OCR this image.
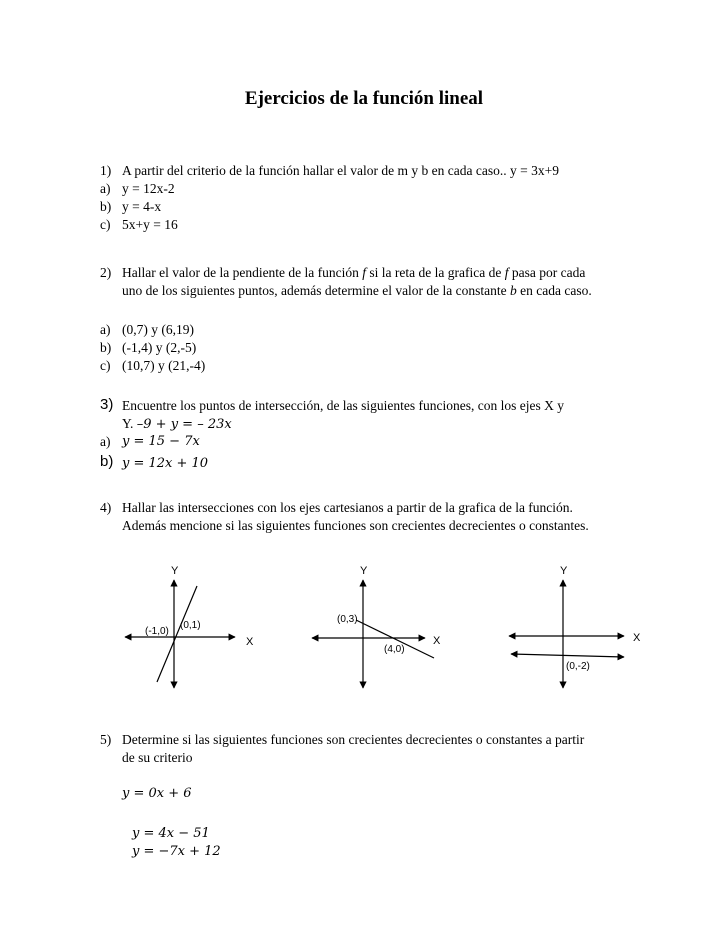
Ejercicios de la función lineal
1) A partir del criterio de la función hallar el valor de m y b en cada caso.. y = 3x+9
a) y = 12x-2
b) y = 4-x
c) 5x+y = 16
2) Hallar el valor de la pendiente de la función f si la reta de la grafica de f pasa por cada
uno de los siguientes puntos, además determine el valor de la constante b en cada caso.
a) (0,7) y (6,19)
b) (-1,4) y (2,-5)
c) (10,7) y (21,-4)
3) Encuentre los puntos de intersección, de las siguientes funciones, con los ejes X y
Y. –9 + y = – 23x
a) y = 15 − 7x
b) y = 12x + 10
4) Hallar las intersecciones con los ejes cartesianos a partir de la grafica de la función.
Además mencione si las siguientes funciones son crecientes decrecientes o constantes.
Y
X
(-1,0)
(0,1)
Y
X
(0,3)
(4,0)
Y
X
(0,-2)
5) Determine si las siguientes funciones son crecientes decrecientes o constantes a partir
de su criterio
y = 0x + 6
y = 4x − 51
y = −7x + 12
